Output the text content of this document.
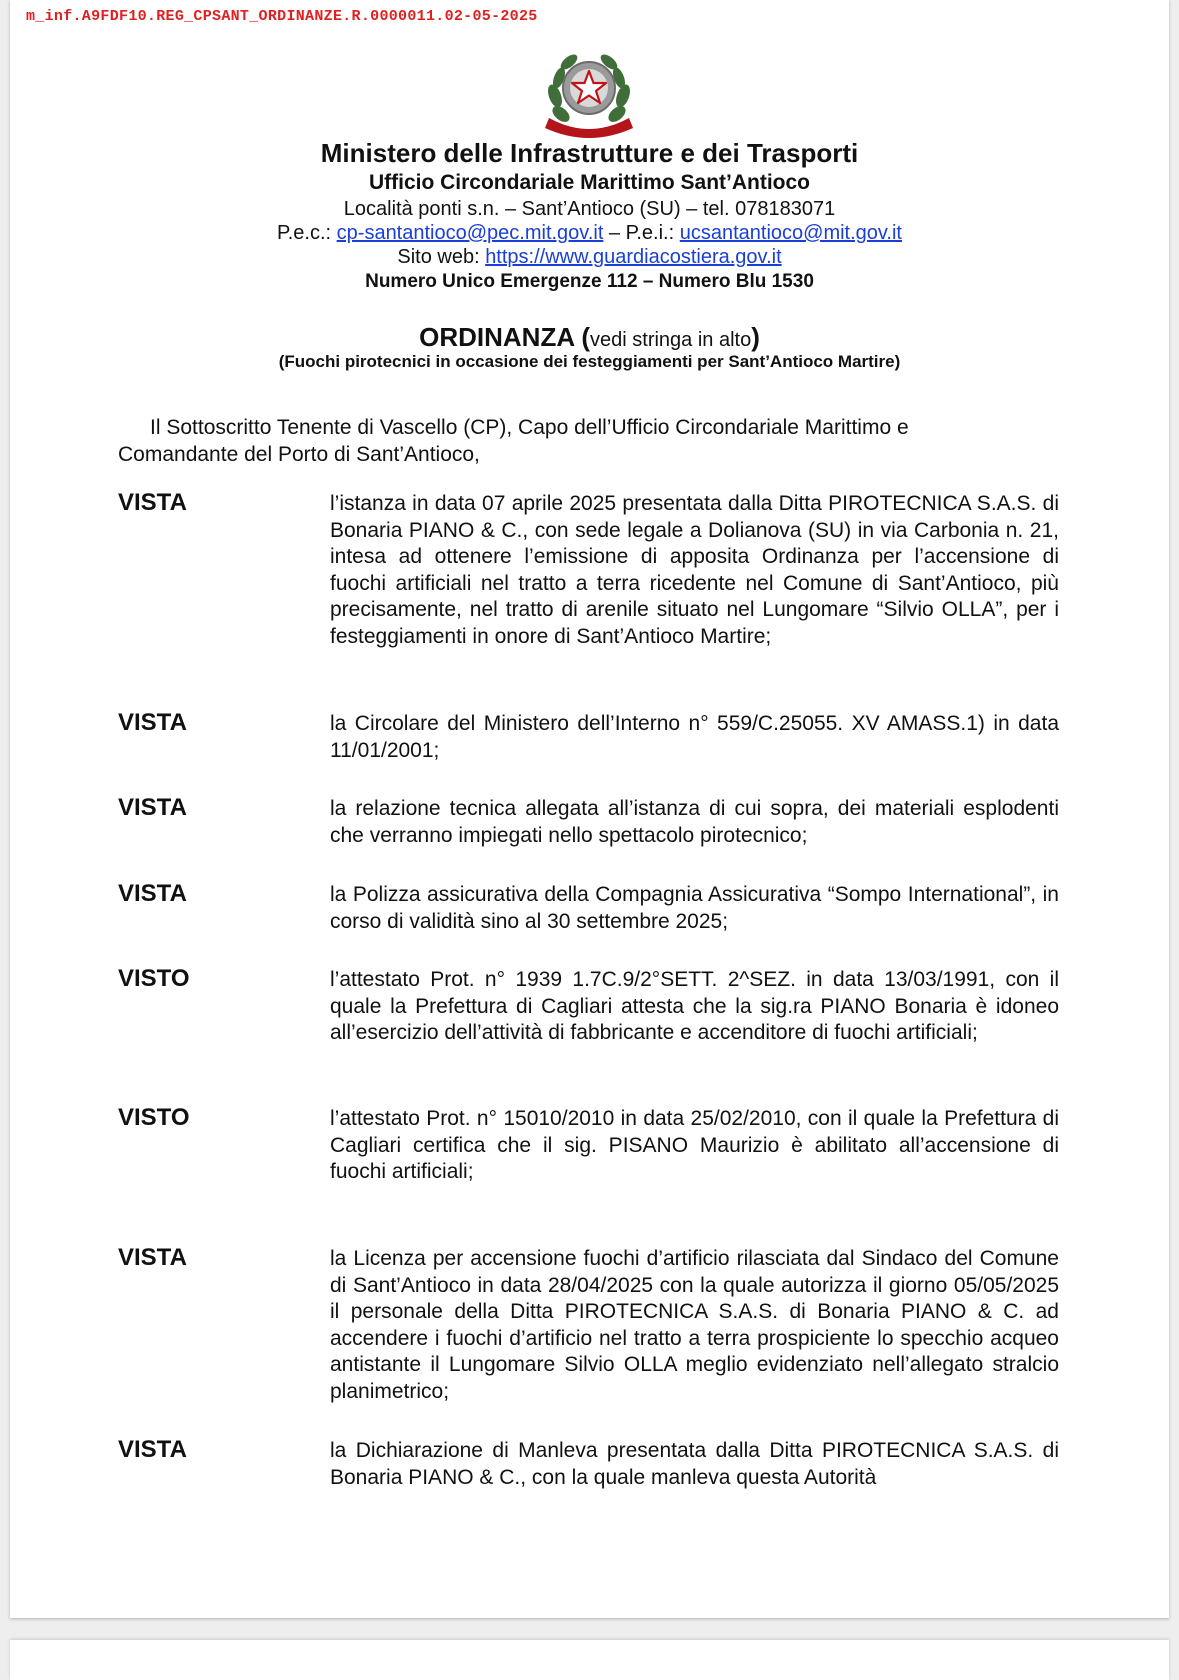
m_inf.A9FDF10.REG_CPSANT_ORDINANZE.R.0000011.02-05-2025
Ministero delle Infrastrutture e dei Trasporti
Ufficio Circondariale Marittimo Sant’Antioco
Località ponti s.n. – Sant’Antioco (SU) – tel. 078183071
P.e.c.: cp-santantioco@pec.mit.gov.it – P.e.i.: ucsantantioco@mit.gov.it
Sito web: https://www.guardiacostiera.gov.it
Numero Unico Emergenze 112 – Numero Blu 1530
ORDINANZA (vedi stringa in alto)
(Fuochi pirotecnici in occasione dei festeggiamenti per Sant’Antioco Martire)
Il Sottoscritto Tenente di Vascello (CP), Capo dell’Ufficio Circondariale Marittimo e
Comandante del Porto di Sant’Antioco,
VISTA	l’istanza in data 07 aprile 2025 presentata dalla Ditta PIROTECNICA S.A.S. di Bonaria PIANO & C., con sede legale a Dolianova (SU) in via Carbonia n. 21, intesa ad ottenere l’emissione di apposita Ordinanza per l’accensione di fuochi artificiali nel tratto a terra ricedente nel Comune di Sant’Antioco, più precisamente, nel tratto di arenile situato nel Lungomare “Silvio OLLA”, per i festeggiamenti in onore di Sant’Antioco Martire;
VISTA	la Circolare del Ministero dell’Interno n° 559/C.25055. XV AMASS.1) in data 11/01/2001;
VISTA	la relazione tecnica allegata all’istanza di cui sopra, dei materiali esplodenti che verranno impiegati nello spettacolo pirotecnico;
VISTA	la Polizza assicurativa della Compagnia Assicurativa “Sompo International”, in corso di validità sino al 30 settembre 2025;
VISTO	l’attestato Prot. n° 1939 1.7C.9/2°SETT. 2^SEZ. in data 13/03/1991, con il quale la Prefettura di Cagliari attesta che la sig.ra PIANO Bonaria è idoneo all’esercizio dell’attività di fabbricante e accenditore di fuochi artificiali;
VISTO	l’attestato Prot. n° 15010/2010 in data 25/02/2010, con il quale la Prefettura di Cagliari certifica che il sig. PISANO Maurizio è abilitato all’accensione di fuochi artificiali;
VISTA	la Licenza per accensione fuochi d’artificio rilasciata dal Sindaco del Comune di Sant’Antioco in data 28/04/2025 con la quale autorizza il giorno 05/05/2025 il personale della Ditta PIROTECNICA S.A.S. di Bonaria PIANO & C. ad accendere i fuochi d’artificio nel tratto a terra prospiciente lo specchio acqueo antistante il Lungomare Silvio OLLA meglio evidenziato nell’allegato stralcio planimetrico;
VISTA	la Dichiarazione di Manleva presentata dalla Ditta PIROTECNICA S.A.S. di Bonaria PIANO & C., con la quale manleva questa Autorità
